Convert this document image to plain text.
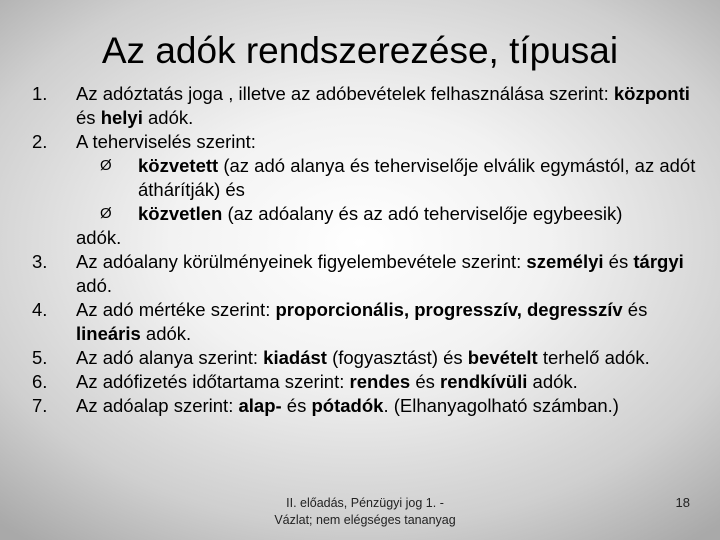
Az adók rendszerezése, típusai
1.	Az adóztatás joga , illetve az adóbevételek felhasználása szerint: központi és helyi adók.
2.	A teherviselés szerint:
Ø közvetett (az adó alanya és teherviselője elválik egymástól, az adót áthárítják) és
Ø közvetlen (az adóalany és az adó teherviselője egybeesik)
adók.
3.	Az adóalany körülményeinek figyelembevétele szerint: személyi és tárgyi adó.
4.	Az adó mértéke szerint: proporcionális, progresszív, degresszív és lineáris adók.
5.	Az adó alanya szerint: kiadást (fogyasztást) és bevételt terhelő adók.
6.	Az adófizetés időtartama szerint: rendes és rendkívüli adók.
7.	Az adóalap szerint: alap- és pótadók. (Elhanyagolható számban.)
II. előadás, Pénzügyi jog 1. -
Vázlat; nem elégséges tananyag
18
